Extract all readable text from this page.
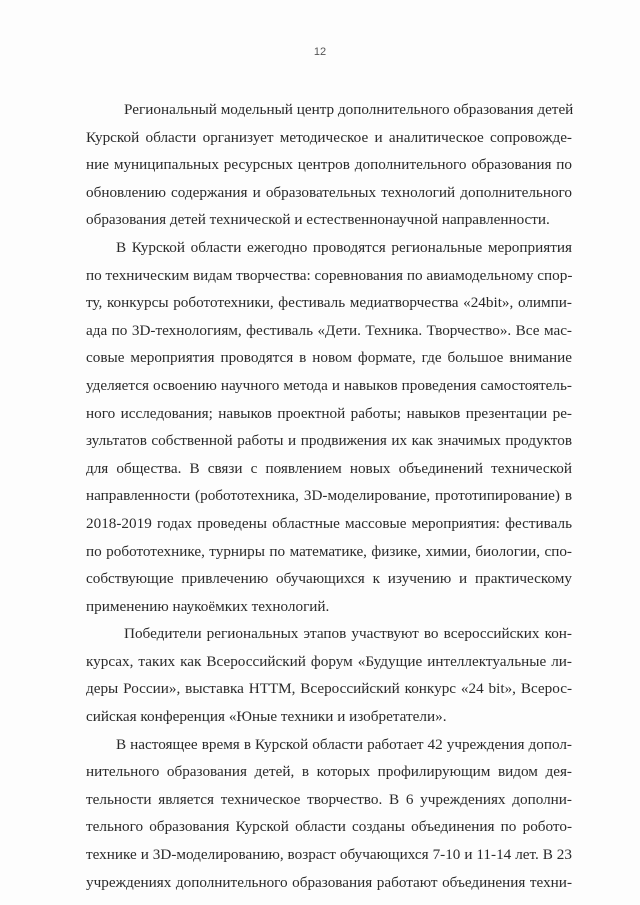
12
Региональный модельный центр дополнительного образования детей
Курской области организует методическое и аналитическое сопровожде-
ние муниципальных ресурсных центров дополнительного образования по
обновлению содержания и образовательных технологий дополнительного
образования детей технической и естественнонаучной направленности.
В Курской области ежегодно проводятся региональные мероприятия
по техническим видам творчества: соревнования по авиамодельному спор-
ту, конкурсы робототехники, фестиваль медиатворчества «24bit», олимпи-
ада по 3D-технологиям, фестиваль «Дети. Техника. Творчество». Все мас-
совые мероприятия проводятся в новом формате, где большое внимание
уделяется освоению научного метода и навыков проведения самостоятель-
ного исследования; навыков проектной работы; навыков презентации ре-
зультатов собственной работы и продвижения их как значимых продуктов
для общества. В связи с появлением новых объединений технической
направленности (робототехника, 3D-моделирование, прототипирование) в
2018-2019 годах проведены областные массовые мероприятия: фестиваль
по робототехнике, турниры по математике, физике, химии, биологии, спо-
собствующие привлечению обучающихся к изучению и практическому
применению наукоёмких технологий.
Победители региональных этапов участвуют во всероссийских кон-
курсах, таких как Всероссийский форум «Будущие интеллектуальные ли-
деры России», выставка НТТМ, Всероссийский конкурс «24 bit», Всерос-
сийская конференция «Юные техники и изобретатели».
В настоящее время в Курской области работает 42 учреждения допол-
нительного образования детей, в которых профилирующим видом дея-
тельности является техническое творчество. В 6 учреждениях дополни-
тельного образования Курской области созданы объединения по робото-
технике и 3D-моделированию, возраст обучающихся 7-10 и 11-14 лет. В 23
учреждениях дополнительного образования работают объединения техни-
